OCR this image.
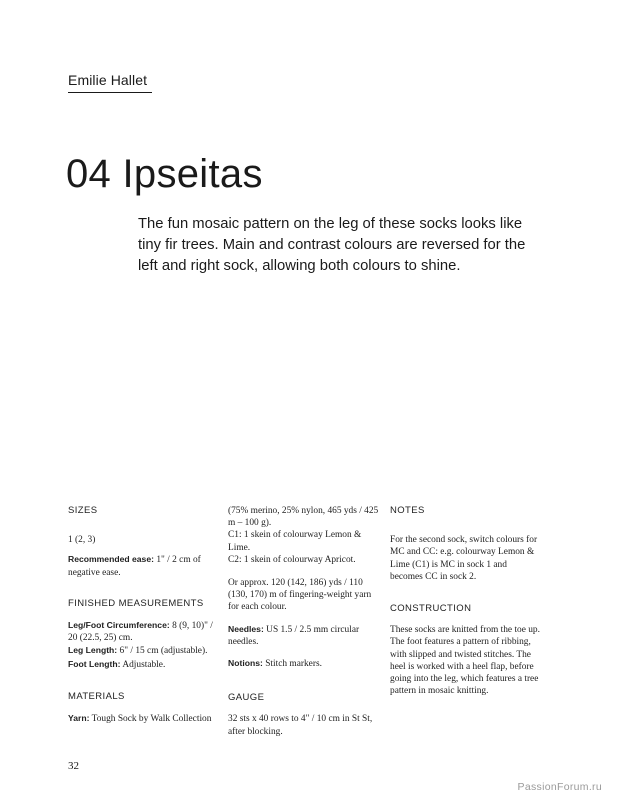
Emilie Hallet
04 Ipseitas
The fun mosaic pattern on the leg of these socks looks like tiny fir trees. Main and contrast colours are reversed for the left and right sock, allowing both colours to shine.
SIZES

1 (2, 3)

Recommended ease: 1" / 2 cm of negative ease.

FINISHED MEASUREMENTS

Leg/Foot Circumference: 8 (9, 10)" / 20 (22.5, 25) cm.

Leg Length: 6" / 15 cm (adjustable).

Foot Length: Adjustable.

MATERIALS

Yarn: Tough Sock by Walk Collection

(75% merino, 25% nylon, 465 yds / 425 m – 100 g).

C1: 1 skein of colourway Lemon & Lime.

C2: 1 skein of colourway Apricot.

Or approx. 120 (142, 186) yds / 110 (130, 170) m of fingering-weight yarn for each colour.

Needles: US 1.5 / 2.5 mm circular needles.

Notions: Stitch markers.

GAUGE

32 sts x 40 rows to 4" / 10 cm in St St, after blocking.

NOTES

For the second sock, switch colours for MC and CC: e.g. colourway Lemon & Lime (C1) is MC in sock 1 and becomes CC in sock 2.

CONSTRUCTION

These socks are knitted from the toe up. The foot features a pattern of ribbing, with slipped and twisted stitches. The heel is worked with a heel flap, before going into the leg, which features a tree pattern in mosaic knitting.

32
PassionForum.ru
